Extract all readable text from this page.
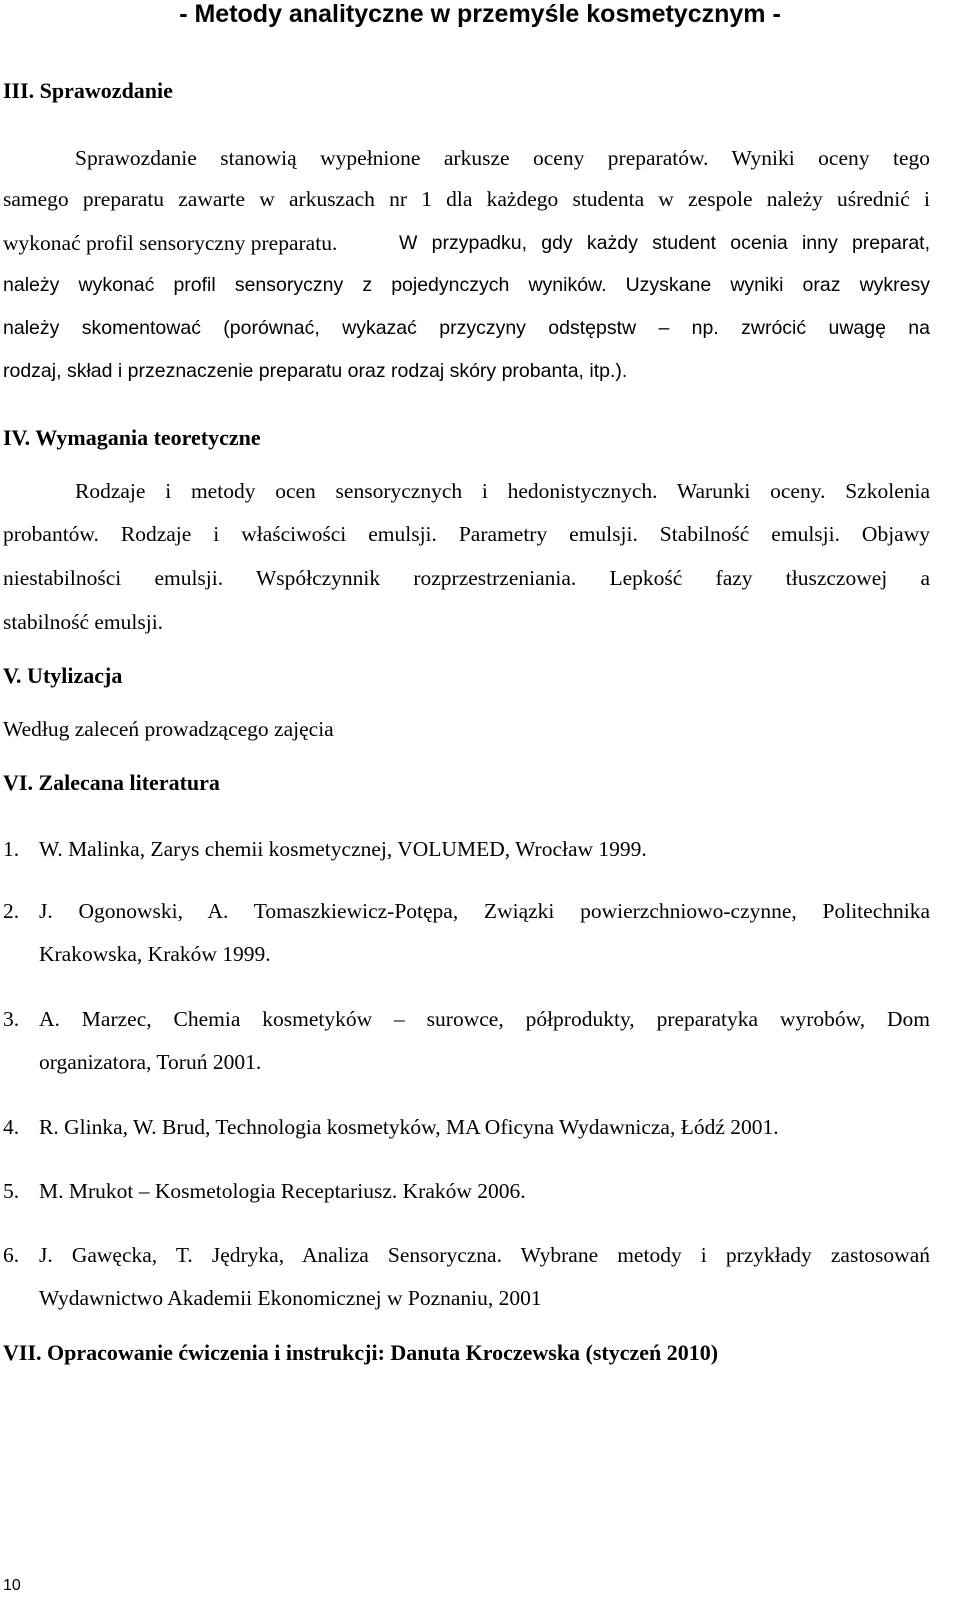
- Metody analityczne w przemyśle kosmetycznym -
III. Sprawozdanie
Sprawozdanie stanowią wypełnione arkusze oceny preparatów. Wyniki oceny tego
samego preparatu zawarte w arkuszach nr 1 dla każdego studenta w zespole należy uśrednić i
wykonać profil sensoryczny preparatu.	W przypadku, gdy każdy student ocenia inny preparat,
należy wykonać profil sensoryczny z pojedynczych wyników. Uzyskane wyniki oraz wykresy
należy skomentować (porównać, wykazać przyczyny odstępstw – np. zwrócić uwagę na
rodzaj, skład i przeznaczenie preparatu oraz rodzaj skóry probanta, itp.).
IV. Wymagania teoretyczne
Rodzaje i metody ocen sensorycznych i hedonistycznych. Warunki oceny. Szkolenia
probantów. Rodzaje i właściwości emulsji. Parametry emulsji. Stabilność emulsji. Objawy
niestabilności emulsji. Współczynnik rozprzestrzeniania. Lepkość fazy tłuszczowej a
stabilność emulsji.
V. Utylizacja
Według zaleceń prowadzącego zajęcia
VI. Zalecana literatura
1. W. Malinka, Zarys chemii kosmetycznej, VOLUMED, Wrocław 1999.
2. J. Ogonowski, A. Tomaszkiewicz-Potępa, Związki powierzchniowo-czynne, Politechnika
Krakowska, Kraków 1999.
3. A. Marzec, Chemia kosmetyków – surowce, półprodukty, preparatyka wyrobów, Dom
organizatora, Toruń 2001.
4. R. Glinka, W. Brud, Technologia kosmetyków, MA Oficyna Wydawnicza, Łódź 2001.
5. M. Mrukot – Kosmetologia Receptariusz. Kraków 2006.
6. J. Gawęcka, T. Jędryka, Analiza Sensoryczna. Wybrane metody i przykłady zastosowań
Wydawnictwo Akademii Ekonomicznej w Poznaniu, 2001
VII. Opracowanie ćwiczenia i instrukcji: Danuta Kroczewska (styczeń 2010)
10
